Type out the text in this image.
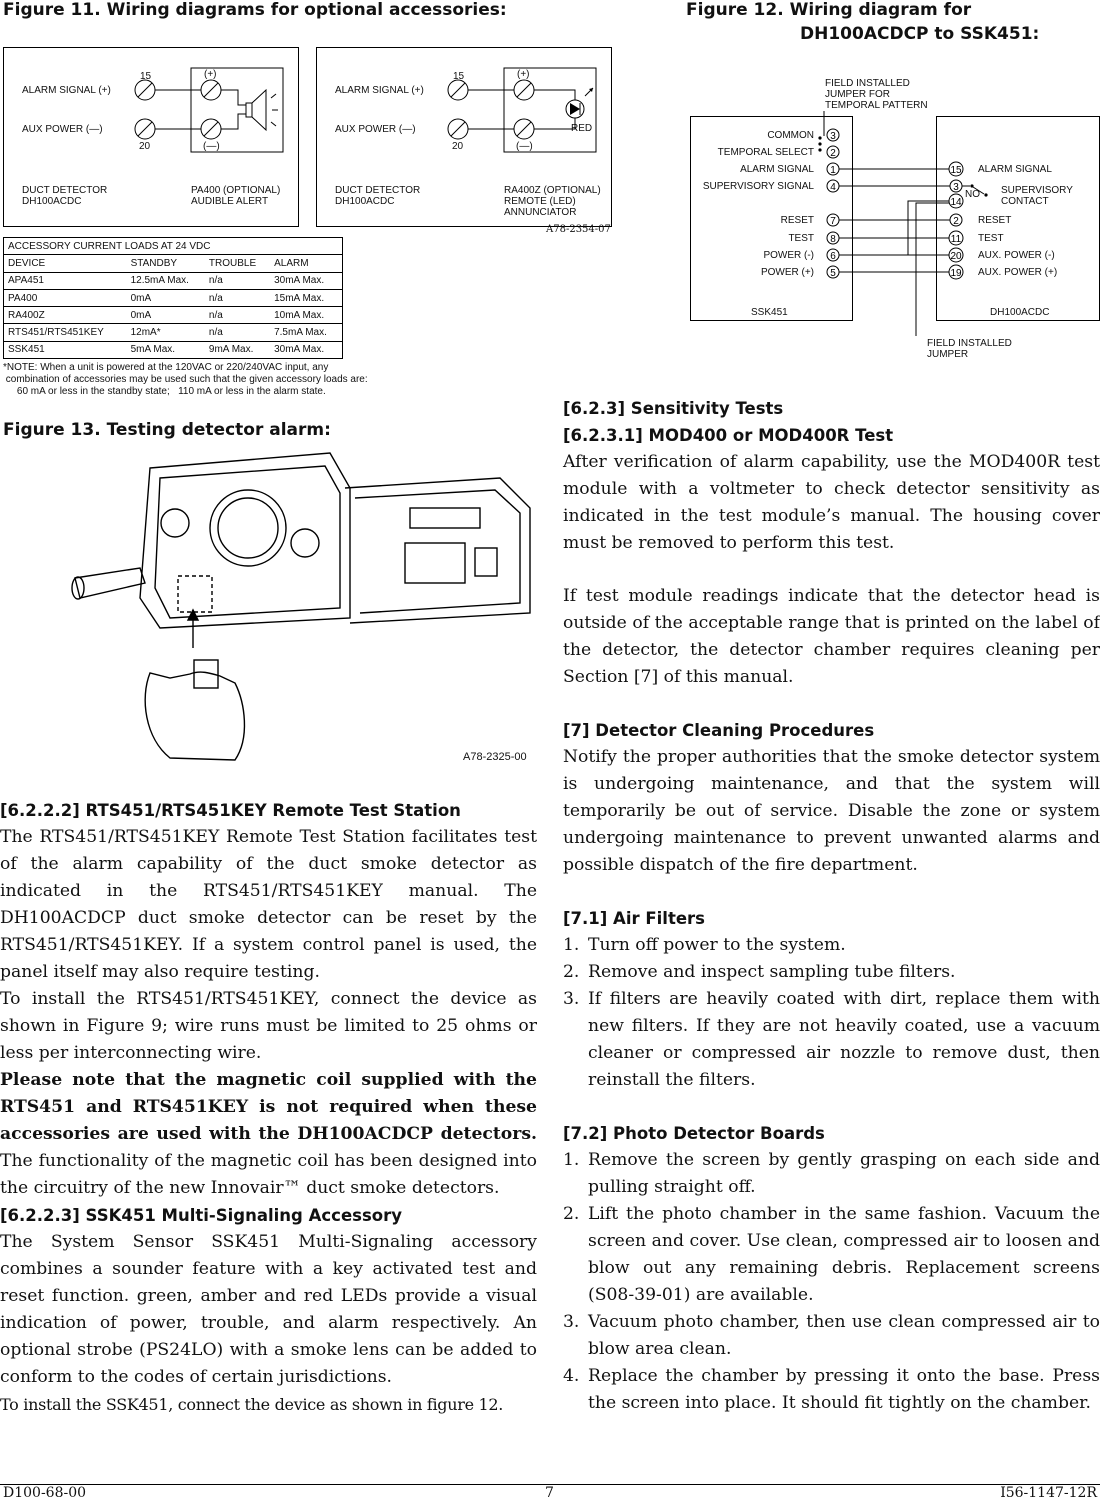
Figure 11. Wiring diagrams for optional accessories:
ALARM SIGNAL (+)
AUX POWER (—)
15
20
(+)
(—)
DUCT DETECTOR
DH100ACDC
PA400 (OPTIONAL)
AUDIBLE ALERT
ALARM SIGNAL (+)
AUX POWER (—)
15
20
(+)
(—)
RED
DUCT DETECTOR
DH100ACDC
RA400Z (OPTIONAL)
REMOTE (LED)
ANNUNCIATOR
A78-2354-07
ACCESSORY CURRENT LOADS AT 24 VDC			
DEVICE	STANDBY	TROUBLE	ALARM
APA451	12.5mA Max.	n/a	30mA Max.
PA400	0mA	n/a	15mA Max.
RA400Z	0mA	n/a	10mA Max.
RTS451/RTS451KEY	12mA*	n/a	7.5mA Max.
SSK451	5mA Max.	9mA Max.	30mA Max.
*NOTE: When a unit is powered at the 120VAC or 220/240VAC input, any
combination of accessories may be used such that the given accessory loads are:
60 mA or less in the standby state;   110 mA or less in the alarm state.
Figure 12. Wiring diagram for
DH100ACDCP to SSK451:
FIELD INSTALLED
JUMPER FOR
TEMPORAL PATTERN
COMMON
TEMPORAL SELECT
ALARM SIGNAL
SUPERVISORY SIGNAL
RESET
TEST
POWER (-)
POWER (+)
SSK451
ALARM SIGNAL
SUPERVISORY
CONTACT
RESET
TEST
AUX. POWER (-)
AUX. POWER (+)
NO
DH100ACDC
3
2
1
4
7
8
6
5
15
3
14
2
11
20
19
FIELD INSTALLED
JUMPER
Figure 13. Testing detector alarm:
A78-2325-00

[6.2.2.2] RTS451/RTS451KEY Remote Test Station

The RTS451/RTS451KEY Remote Test Station facilitates test of the alarm capability of the duct smoke detector as indicated in the RTS451/RTS451KEY manual. The DH100ACDCP duct smoke detector can be reset by the RTS451/RTS451KEY. If a system control panel is used, the panel itself may also require testing.

To install the RTS451/RTS451KEY, connect the device as shown in Figure 9; wire runs must be limited to 25 ohms or less per interconnecting wire.

Please note that the magnetic coil supplied with the RTS451 and RTS451KEY is not required when these accessories are used with the DH100ACDCP detectors. The functionality of the magnetic coil has been designed into the circuitry of the new Innovair™ duct smoke detectors.

[6.2.2.3] SSK451 Multi-Signaling Accessory

The System Sensor SSK451 Multi-Signaling accessory combines a sounder feature with a key activated test and reset function. green, amber and red LEDs provide a visual indication of power, trouble, and alarm respectively. An optional strobe (PS24LO) with a smoke lens can be added to conform to the codes of certain jurisdictions.

To install the SSK451, connect the device as shown in figure 12.

[6.2.3] Sensitivity Tests

[6.2.3.1] MOD400 or MOD400R Test

After verification of alarm capability, use the MOD400R test module with a voltmeter to check detector sensitivity as indicated in the test module’s manual. The housing cover must be removed to perform this test.

If test module readings indicate that the detector head is outside of the acceptable range that is printed on the label of the detector, the detector chamber requires cleaning per Section [7] of this manual.

[7] Detector Cleaning Procedures

Notify the proper authorities that the smoke detector system is undergoing maintenance, and that the system will temporarily be out of service. Disable the zone or system undergoing maintenance to prevent unwanted alarms and possible dispatch of the fire department.

[7.1] Air Filters

1. Turn off power to the system.
2. Remove and inspect sampling tube filters.
3. If filters are heavily coated with dirt, replace them with new filters. If they are not heavily coated, use a vacuum cleaner or compressed air nozzle to remove dust, then reinstall the filters.

[7.2] Photo Detector Boards

1. Remove the screen by gently grasping on each side and pulling straight off.
2. Lift the photo chamber in the same fashion. Vacuum the screen and cover. Use clean, compressed air to loosen and blow out any remaining debris. Replacement screens (S08-39-01) are available.
3. Vacuum photo chamber, then use clean compressed air to blow area clean.
4. Replace the chamber by pressing it onto the base. Press the screen into place. It should fit tightly on the chamber.
D100-68-00	7	I56-1147-12R
